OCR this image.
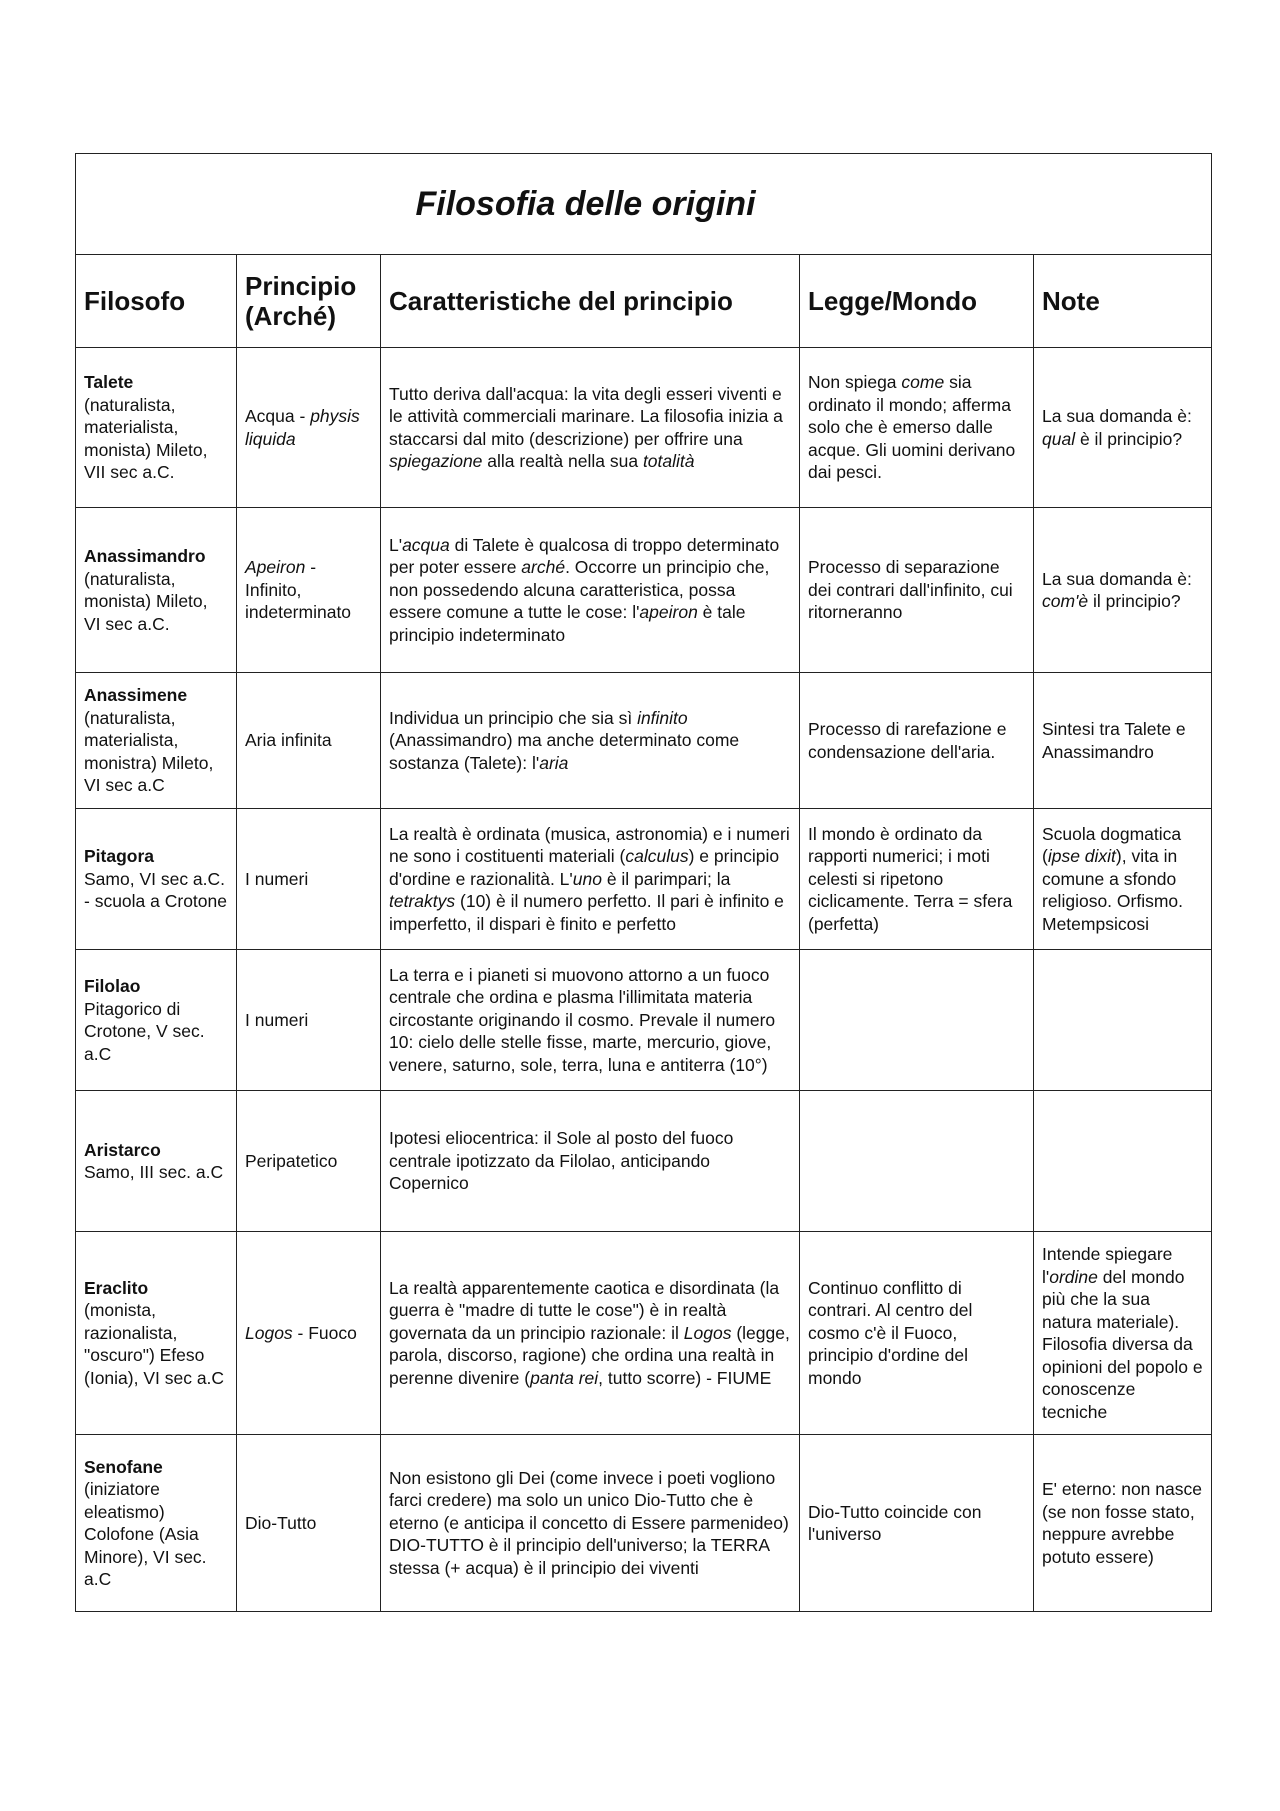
Filosofia delle origini				
Filosofo	Principio (Arché)	Caratteristiche del principio	Legge/Mondo	Note

Talete
(naturalista, materialista, monista) Mileto, VII sec a.C.	Acqua - physis liquida	Tutto deriva dall'acqua: la vita degli esseri viventi e le attività commerciali marinare. La filosofia inizia a staccarsi dal mito (descrizione) per offrire una spiegazione alla realtà nella sua totalità	Non spiega come sia ordinato il mondo; afferma solo che è emerso dalle acque. Gli uomini derivano dai pesci.	La sua domanda è: qual è il principio?

Anassimandro
(naturalista, monista) Mileto, VI sec a.C.	Apeiron - Infinito, indeterminato	L'acqua di Talete è qualcosa di troppo determinato per poter essere arché. Occorre un principio che, non possedendo alcuna caratteristica, possa essere comune a tutte le cose: l'apeiron è tale principio indeterminato	Processo di separazione dei contrari dall'infinito, cui ritorneranno	La sua domanda è: com'è il principio?

Anassimene
(naturalista, materialista, monistra) Mileto, VI sec a.C	Aria infinita	Individua un principio che sia sì infinito (Anassimandro) ma anche determinato come sostanza (Talete): l'aria	Processo di rarefazione e condensazione dell'aria.	Sintesi tra Talete e Anassimandro

Pitagora
Samo, VI sec a.C. - scuola a Crotone	I numeri	La realtà è ordinata (musica, astronomia) e i numeri ne sono i costituenti materiali (calculus) e principio d'ordine e razionalità. L'uno è il parimpari; la tetraktys (10) è il numero perfetto. Il pari è infinito e imperfetto, il dispari è finito e perfetto	Il mondo è ordinato da rapporti numerici; i moti celesti si ripetono ciclicamente. Terra = sfera (perfetta)	Scuola dogmatica (ipse dixit), vita in comune a sfondo religioso. Orfismo. Metempsicosi

Filolao
Pitagorico di Crotone, V sec. a.C	I numeri	La terra e i pianeti si muovono attorno a un fuoco centrale che ordina e plasma l'illimitata materia circostante originando il cosmo. Prevale il numero 10: cielo delle stelle fisse, marte, mercurio, giove, venere, saturno, sole, terra, luna e antiterra (10°)		

Aristarco
Samo, III sec. a.C	Peripatetico	Ipotesi eliocentrica: il Sole al posto del fuoco centrale ipotizzato da Filolao, anticipando Copernico		

Eraclito
(monista, razionalista, "oscuro") Efeso (Ionia), VI sec a.C	Logos - Fuoco	La realtà apparentemente caotica e disordinata (la guerra è "madre di tutte le cose") è in realtà governata da un principio razionale: il Logos (legge, parola, discorso, ragione) che ordina una realtà in perenne divenire (panta rei, tutto scorre) - FIUME	Continuo conflitto di contrari. Al centro del cosmo c'è il Fuoco, principio d'ordine del mondo	Intende spiegare l'ordine del mondo più che la sua natura materiale). Filosofia diversa da opinioni del popolo e conoscenze tecniche

Senofane
(iniziatore eleatismo) Colofone (Asia Minore), VI sec. a.C	Dio-Tutto	Non esistono gli Dei (come invece i poeti vogliono farci credere) ma solo un unico Dio-Tutto che è eterno (e anticipa il concetto di Essere parmenideo) DIO-TUTTO è il principio dell'universo; la TERRA stessa (+ acqua) è il principio dei viventi	Dio-Tutto coincide con l'universo	E' eterno: non nasce (se non fosse stato, neppure avrebbe potuto essere)
